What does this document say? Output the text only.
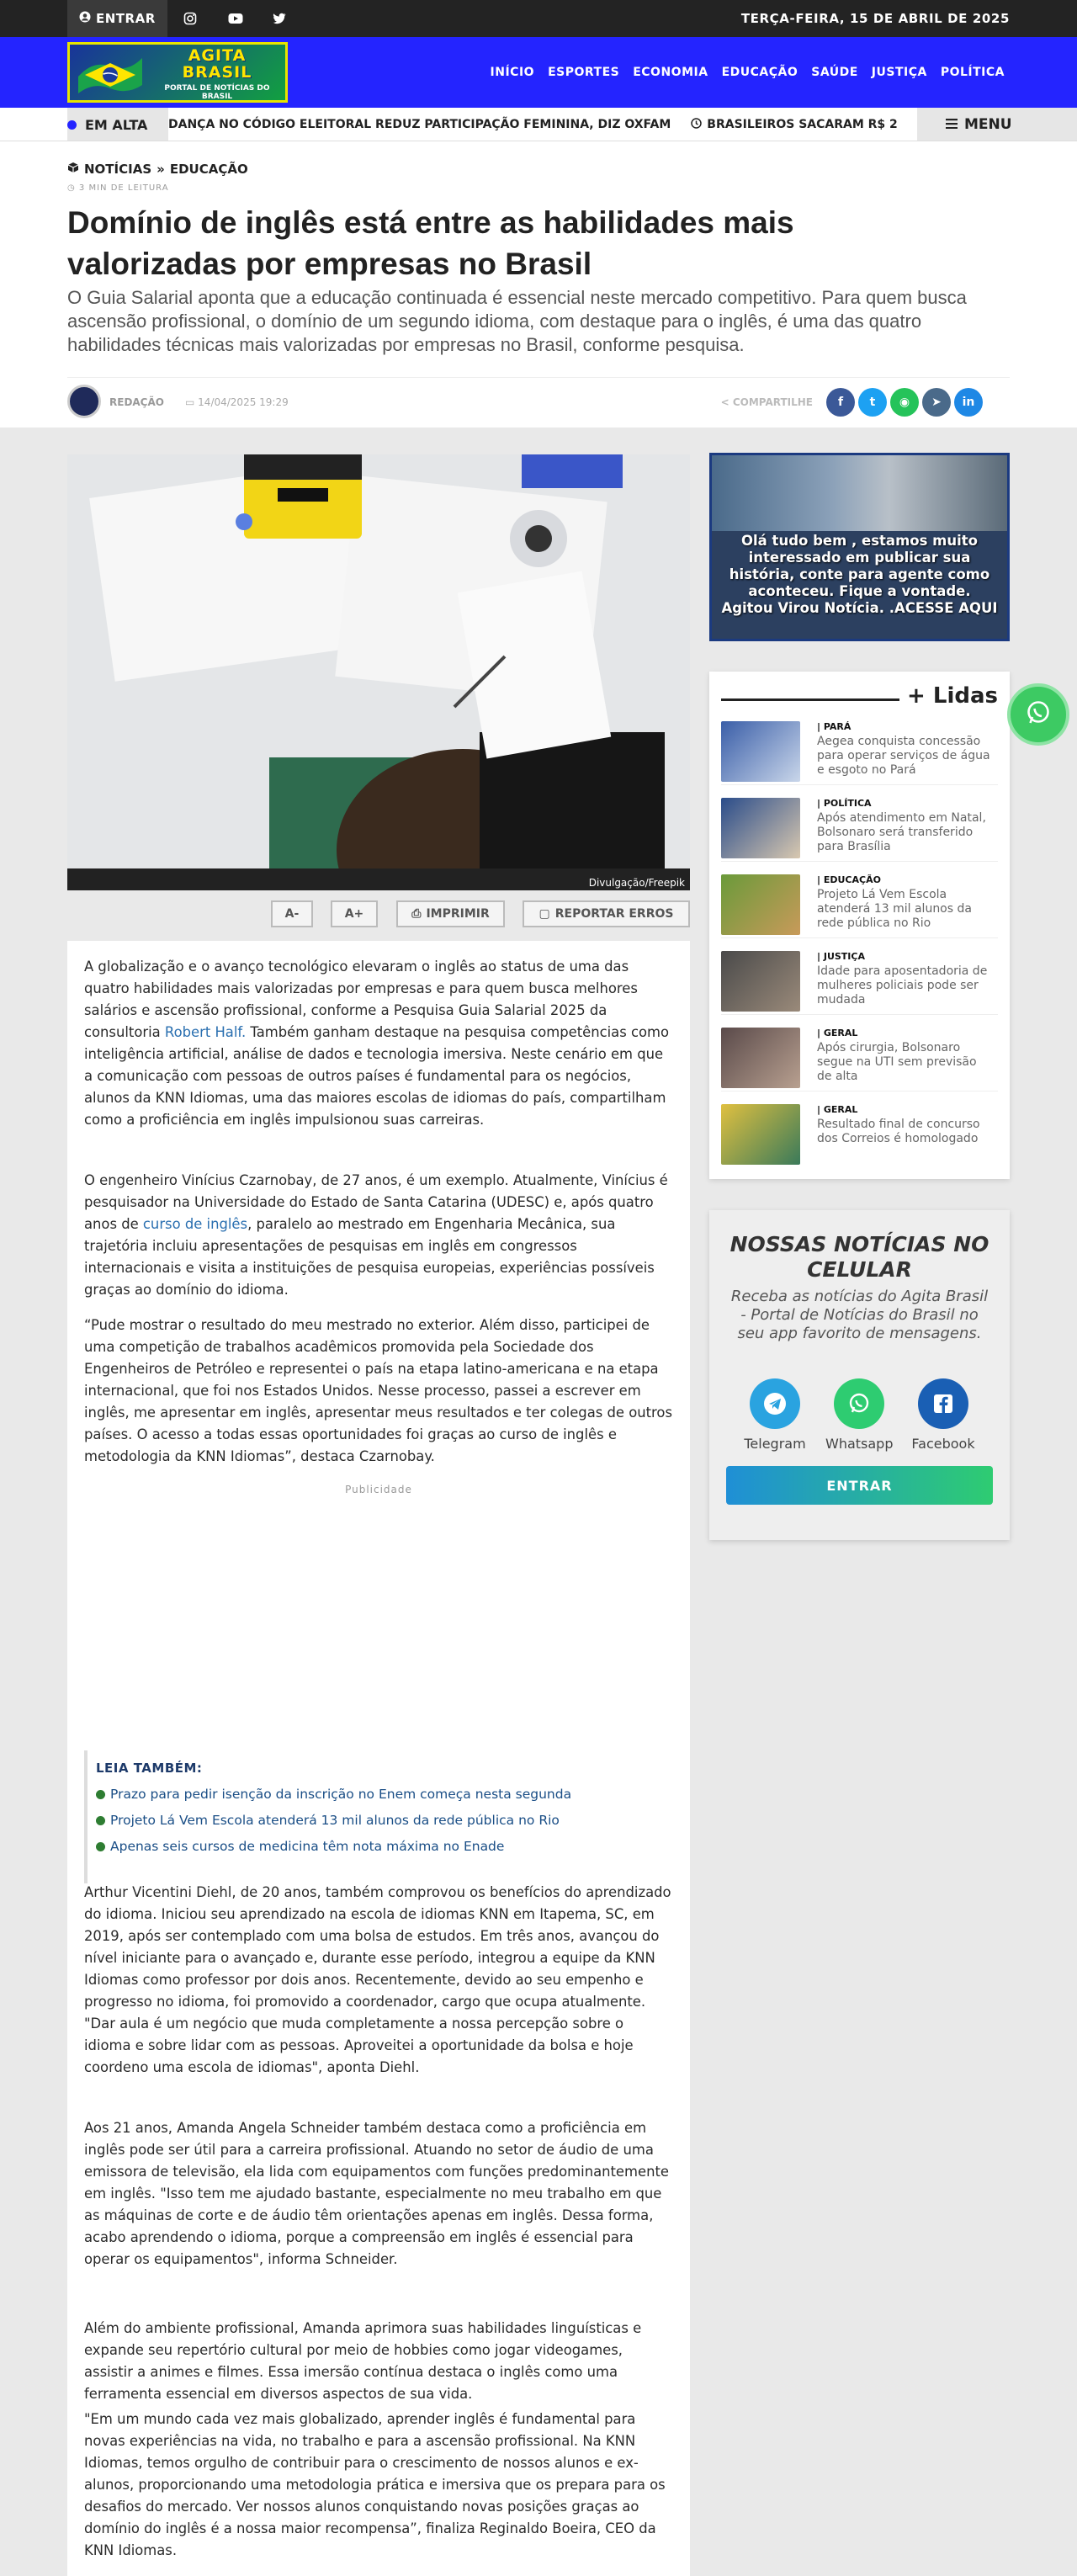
ENTRAR	TERÇA-FEIRA, 15 DE ABRIL DE 2025
AGITA
BRASIL
PORTAL DE NOTÍCIAS DO BRASIL
INÍCIO ESPORTES ECONOMIA EDUCAÇÃO SAÚDE JUSTIÇA POLÍTICA
EM ALTA DANÇA NO CÓDIGO ELEITORAL REDUZ PARTICIPAÇÃO FEMININA, DIZ OXFAM	BRASILEIROS SACARAM R$ 2	MENU
NOTÍCIAS » EDUCAÇÃO
◷ 3 MIN DE LEITURA
Domínio de inglês está entre as habilidades mais valorizadas por empresas no Brasil
O Guia Salarial aponta que a educação continuada é essencial neste mercado competitivo. Para quem busca ascensão profissional, o domínio de um segundo idioma, com destaque para o inglês, é uma das quatro habilidades técnicas mais valorizadas por empresas no Brasil, conforme pesquisa.
REDAÇÃO ▭ 14/04/2025 19:29	< COMPARTILHE f t ◉ ➤ in
Divulgação/Freepik
A-	A+	⎙ IMPRIMIR	▢ REPORTAR ERROS

A globalização e o avanço tecnológico elevaram o inglês ao status de uma das quatro habilidades mais valorizadas por empresas e para quem busca melhores salários e ascensão profissional, conforme a Pesquisa Guia Salarial 2025 da consultoria Robert Half. Também ganham destaque na pesquisa competências como inteligência artificial, análise de dados e tecnologia imersiva. Neste cenário em que a comunicação com pessoas de outros países é fundamental para os negócios, alunos da KNN Idiomas, uma das maiores escolas de idiomas do país, compartilham como a proficiência em inglês impulsionou suas carreiras.

O engenheiro Vinícius Czarnobay, de 27 anos, é um exemplo. Atualmente, Vinícius é pesquisador na Universidade do Estado de Santa Catarina (UDESC) e, após quatro anos de curso de inglês, paralelo ao mestrado em Engenharia Mecânica, sua trajetória incluiu apresentações de pesquisas em inglês em congressos internacionais e visita a instituições de pesquisa europeias, experiências possíveis graças ao domínio do idioma.

“Pude mostrar o resultado do meu mestrado no exterior. Além disso, participei de uma competição de trabalhos acadêmicos promovida pela Sociedade dos Engenheiros de Petróleo e representei o país na etapa latino-americana e na etapa internacional, que foi nos Estados Unidos. Nesse processo, passei a escrever em inglês, me apresentar em inglês, apresentar meus resultados e ter colegas de outros países. O acesso a todas essas oportunidades foi graças ao curso de inglês e metodologia da KNN Idiomas”, destaca Czarnobay.

Publicidade
LEIA TAMBÉM:
Prazo para pedir isenção da inscrição no Enem começa nesta segunda
Projeto Lá Vem Escola atenderá 13 mil alunos da rede pública no Rio
Apenas seis cursos de medicina têm nota máxima no Enade

Arthur Vicentini Diehl, de 20 anos, também comprovou os benefícios do aprendizado do idioma. Iniciou seu aprendizado na escola de idiomas KNN em Itapema, SC, em 2019, após ser contemplado com uma bolsa de estudos. Em três anos, avançou do nível iniciante para o avançado e, durante esse período, integrou a equipe da KNN Idiomas como professor por dois anos. Recentemente, devido ao seu empenho e progresso no idioma, foi promovido a coordenador, cargo que ocupa atualmente. "Dar aula é um negócio que muda completamente a nossa percepção sobre o idioma e sobre lidar com as pessoas. Aproveitei a oportunidade da bolsa e hoje coordeno uma escola de idiomas", aponta Diehl.

Aos 21 anos, Amanda Angela Schneider também destaca como a proficiência em inglês pode ser útil para a carreira profissional. Atuando no setor de áudio de uma emissora de televisão, ela lida com equipamentos com funções predominantemente em inglês. "Isso tem me ajudado bastante, especialmente no meu trabalho em que as máquinas de corte e de áudio têm orientações apenas em inglês. Dessa forma, acabo aprendendo o idioma, porque a compreensão em inglês é essencial para operar os equipamentos", informa Schneider.

Além do ambiente profissional, Amanda aprimora suas habilidades linguísticas e expande seu repertório cultural por meio de hobbies como jogar videogames, assistir a animes e filmes. Essa imersão contínua destaca o inglês como uma ferramenta essencial em diversos aspectos de sua vida.

"Em um mundo cada vez mais globalizado, aprender inglês é fundamental para novas experiências na vida, no trabalho e para a ascensão profissional. Na KNN Idiomas, temos orgulho de contribuir para o crescimento de nossos alunos e ex-alunos, proporcionando uma metodologia prática e imersiva que os prepara para os desafios do mercado. Ver nossos alunos conquistando novas posições graças ao domínio do inglês é a nossa maior recompensa”, finaliza Reginaldo Boeira, CEO da KNN Idiomas.

Olá tudo bem , estamos muito interessado em publicar sua história, conte para agente como aconteceu. Fique a vontade. Agitou Virou Notícia. .ACESSE AQUI
+ Lidas
| PARÁ
Aegea conquista concessão para operar serviços de água e esgoto no Pará
| POLÍTICA
Após atendimento em Natal, Bolsonaro será transferido para Brasília
| EDUCAÇÃO
Projeto Lá Vem Escola atenderá 13 mil alunos da rede pública no Rio
| JUSTIÇA
Idade para aposentadoria de mulheres policiais pode ser mudada
| GERAL
Após cirurgia, Bolsonaro segue na UTI sem previsão de alta
| GERAL
Resultado final de concurso dos Correios é homologado
NOSSAS NOTÍCIAS NO CELULAR
Receba as notícias do Agita Brasil - Portal de Notícias do Brasil no seu app favorito de mensagens.
Telegram Whatsapp Facebook
ENTRAR
